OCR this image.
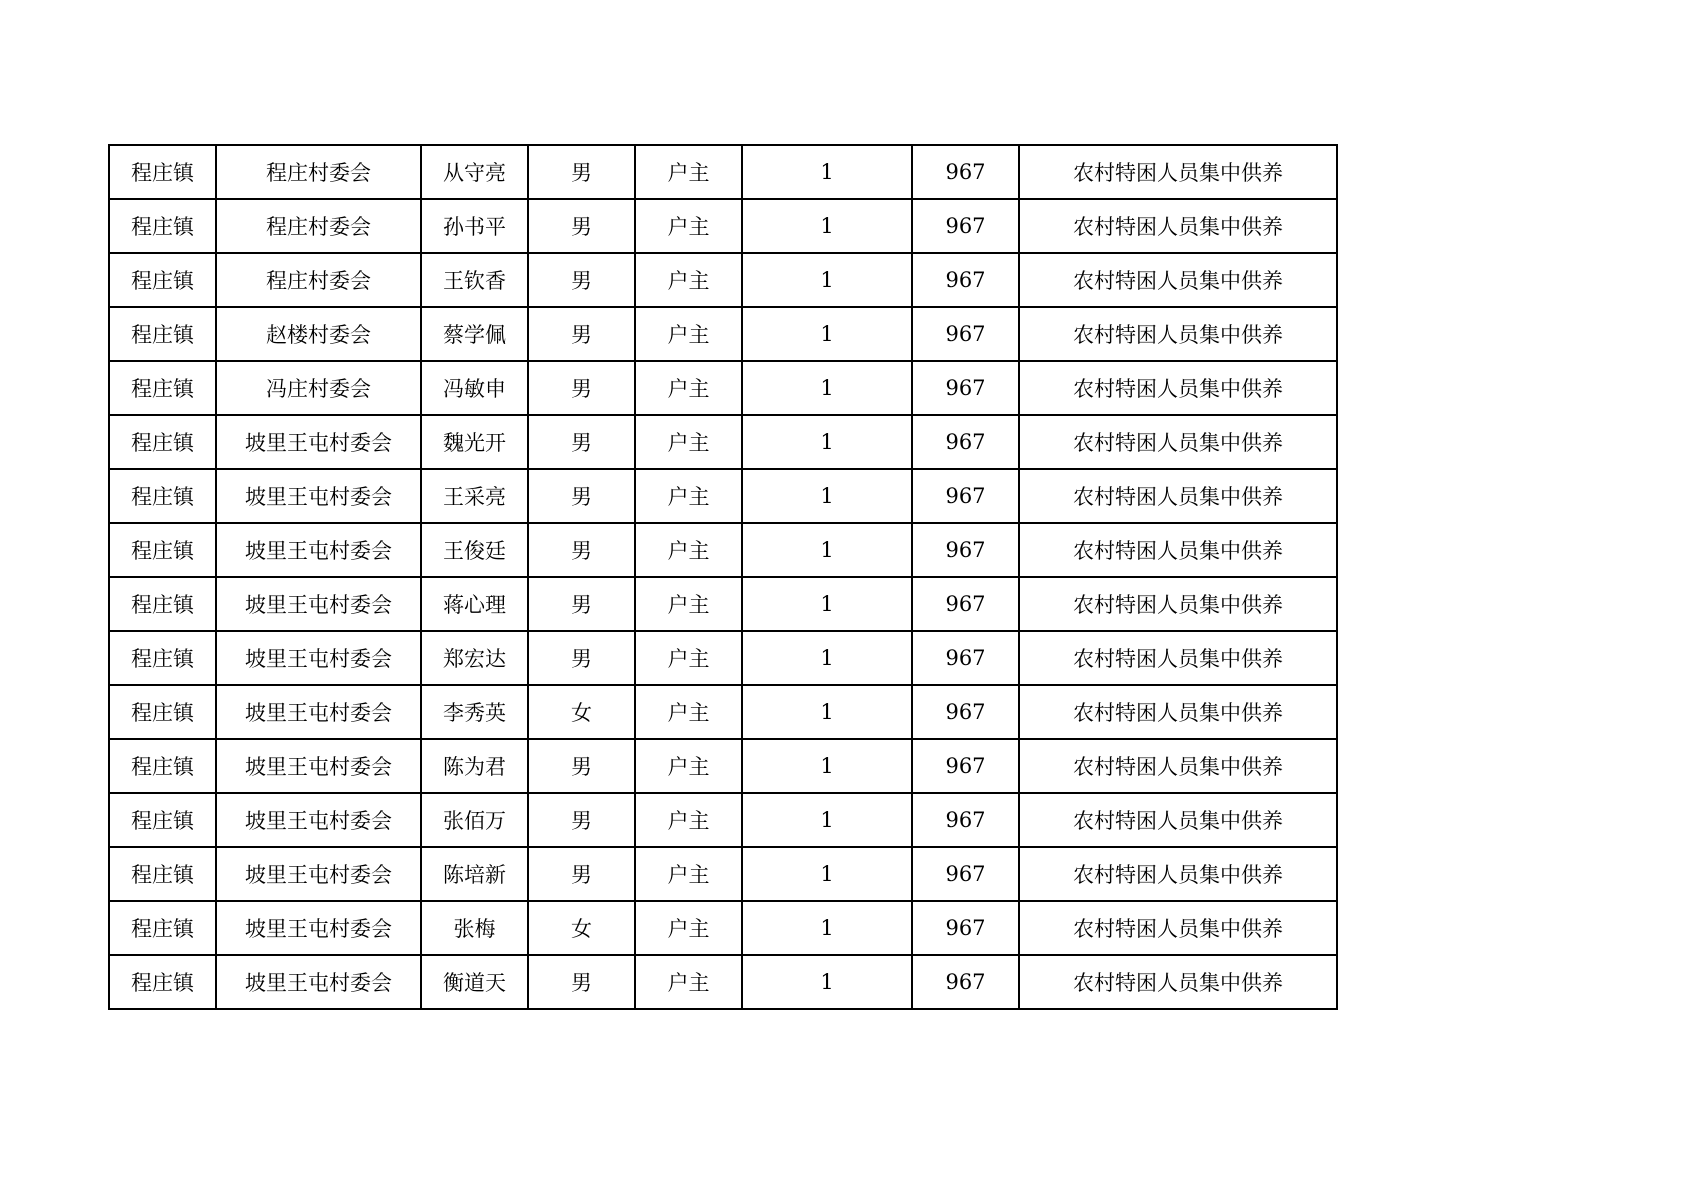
程庄镇	程庄村委会	从守亮	男	户主	1	967	农村特困人员集中供养
程庄镇	程庄村委会	孙书平	男	户主	1	967	农村特困人员集中供养
程庄镇	程庄村委会	王钦香	男	户主	1	967	农村特困人员集中供养
程庄镇	赵楼村委会	蔡学佩	男	户主	1	967	农村特困人员集中供养
程庄镇	冯庄村委会	冯敏申	男	户主	1	967	农村特困人员集中供养
程庄镇	坡里王屯村委会	魏光开	男	户主	1	967	农村特困人员集中供养
程庄镇	坡里王屯村委会	王采亮	男	户主	1	967	农村特困人员集中供养
程庄镇	坡里王屯村委会	王俊廷	男	户主	1	967	农村特困人员集中供养
程庄镇	坡里王屯村委会	蒋心理	男	户主	1	967	农村特困人员集中供养
程庄镇	坡里王屯村委会	郑宏达	男	户主	1	967	农村特困人员集中供养
程庄镇	坡里王屯村委会	李秀英	女	户主	1	967	农村特困人员集中供养
程庄镇	坡里王屯村委会	陈为君	男	户主	1	967	农村特困人员集中供养
程庄镇	坡里王屯村委会	张佰万	男	户主	1	967	农村特困人员集中供养
程庄镇	坡里王屯村委会	陈培新	男	户主	1	967	农村特困人员集中供养
程庄镇	坡里王屯村委会	张梅	女	户主	1	967	农村特困人员集中供养
程庄镇	坡里王屯村委会	衡道天	男	户主	1	967	农村特困人员集中供养
